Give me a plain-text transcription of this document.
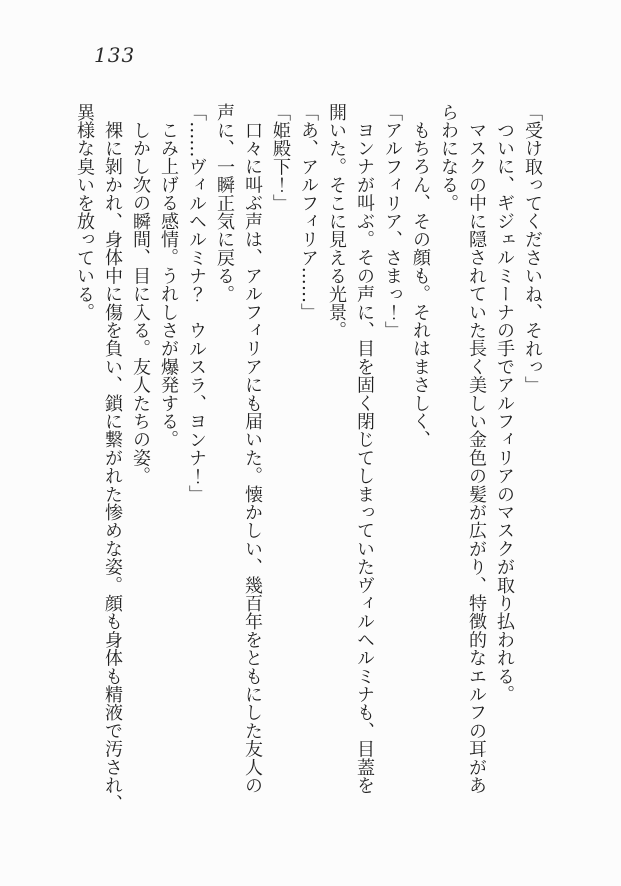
133

「受け取ってくださいね、それっ」

ついに、ギジェルミーナの手でアルフィリアのマスクが取り払われる。

マスクの中に隠されていた長く美しい金色の髪が広がり、特徴的なエルフの耳があ

らわになる。

もちろん、その顔も。それはまさしく、

「アルフィリア、さまっ！」

ヨンナが叫ぶ。その声に、目を固く閉じてしまっていたヴィルヘルミナも、目蓋を

開いた。そこに見える光景。

「あ、アルフィリア……」

「姫殿下！」

口々に叫ぶ声は、アルフィリアにも届いた。懐かしい、幾百年をともにした友人の

声に、一瞬正気に戻る。

「……ヴィルヘルミナ？　ウルスラ、ヨンナ！」

こみ上げる感情。うれしさが爆発する。

しかし次の瞬間、目に入る。友人たちの姿。

裸に剝かれ、身体中に傷を負い、鎖に繋がれた惨めな姿。顔も身体も精液で汚され、

異様な臭いを放っている。
